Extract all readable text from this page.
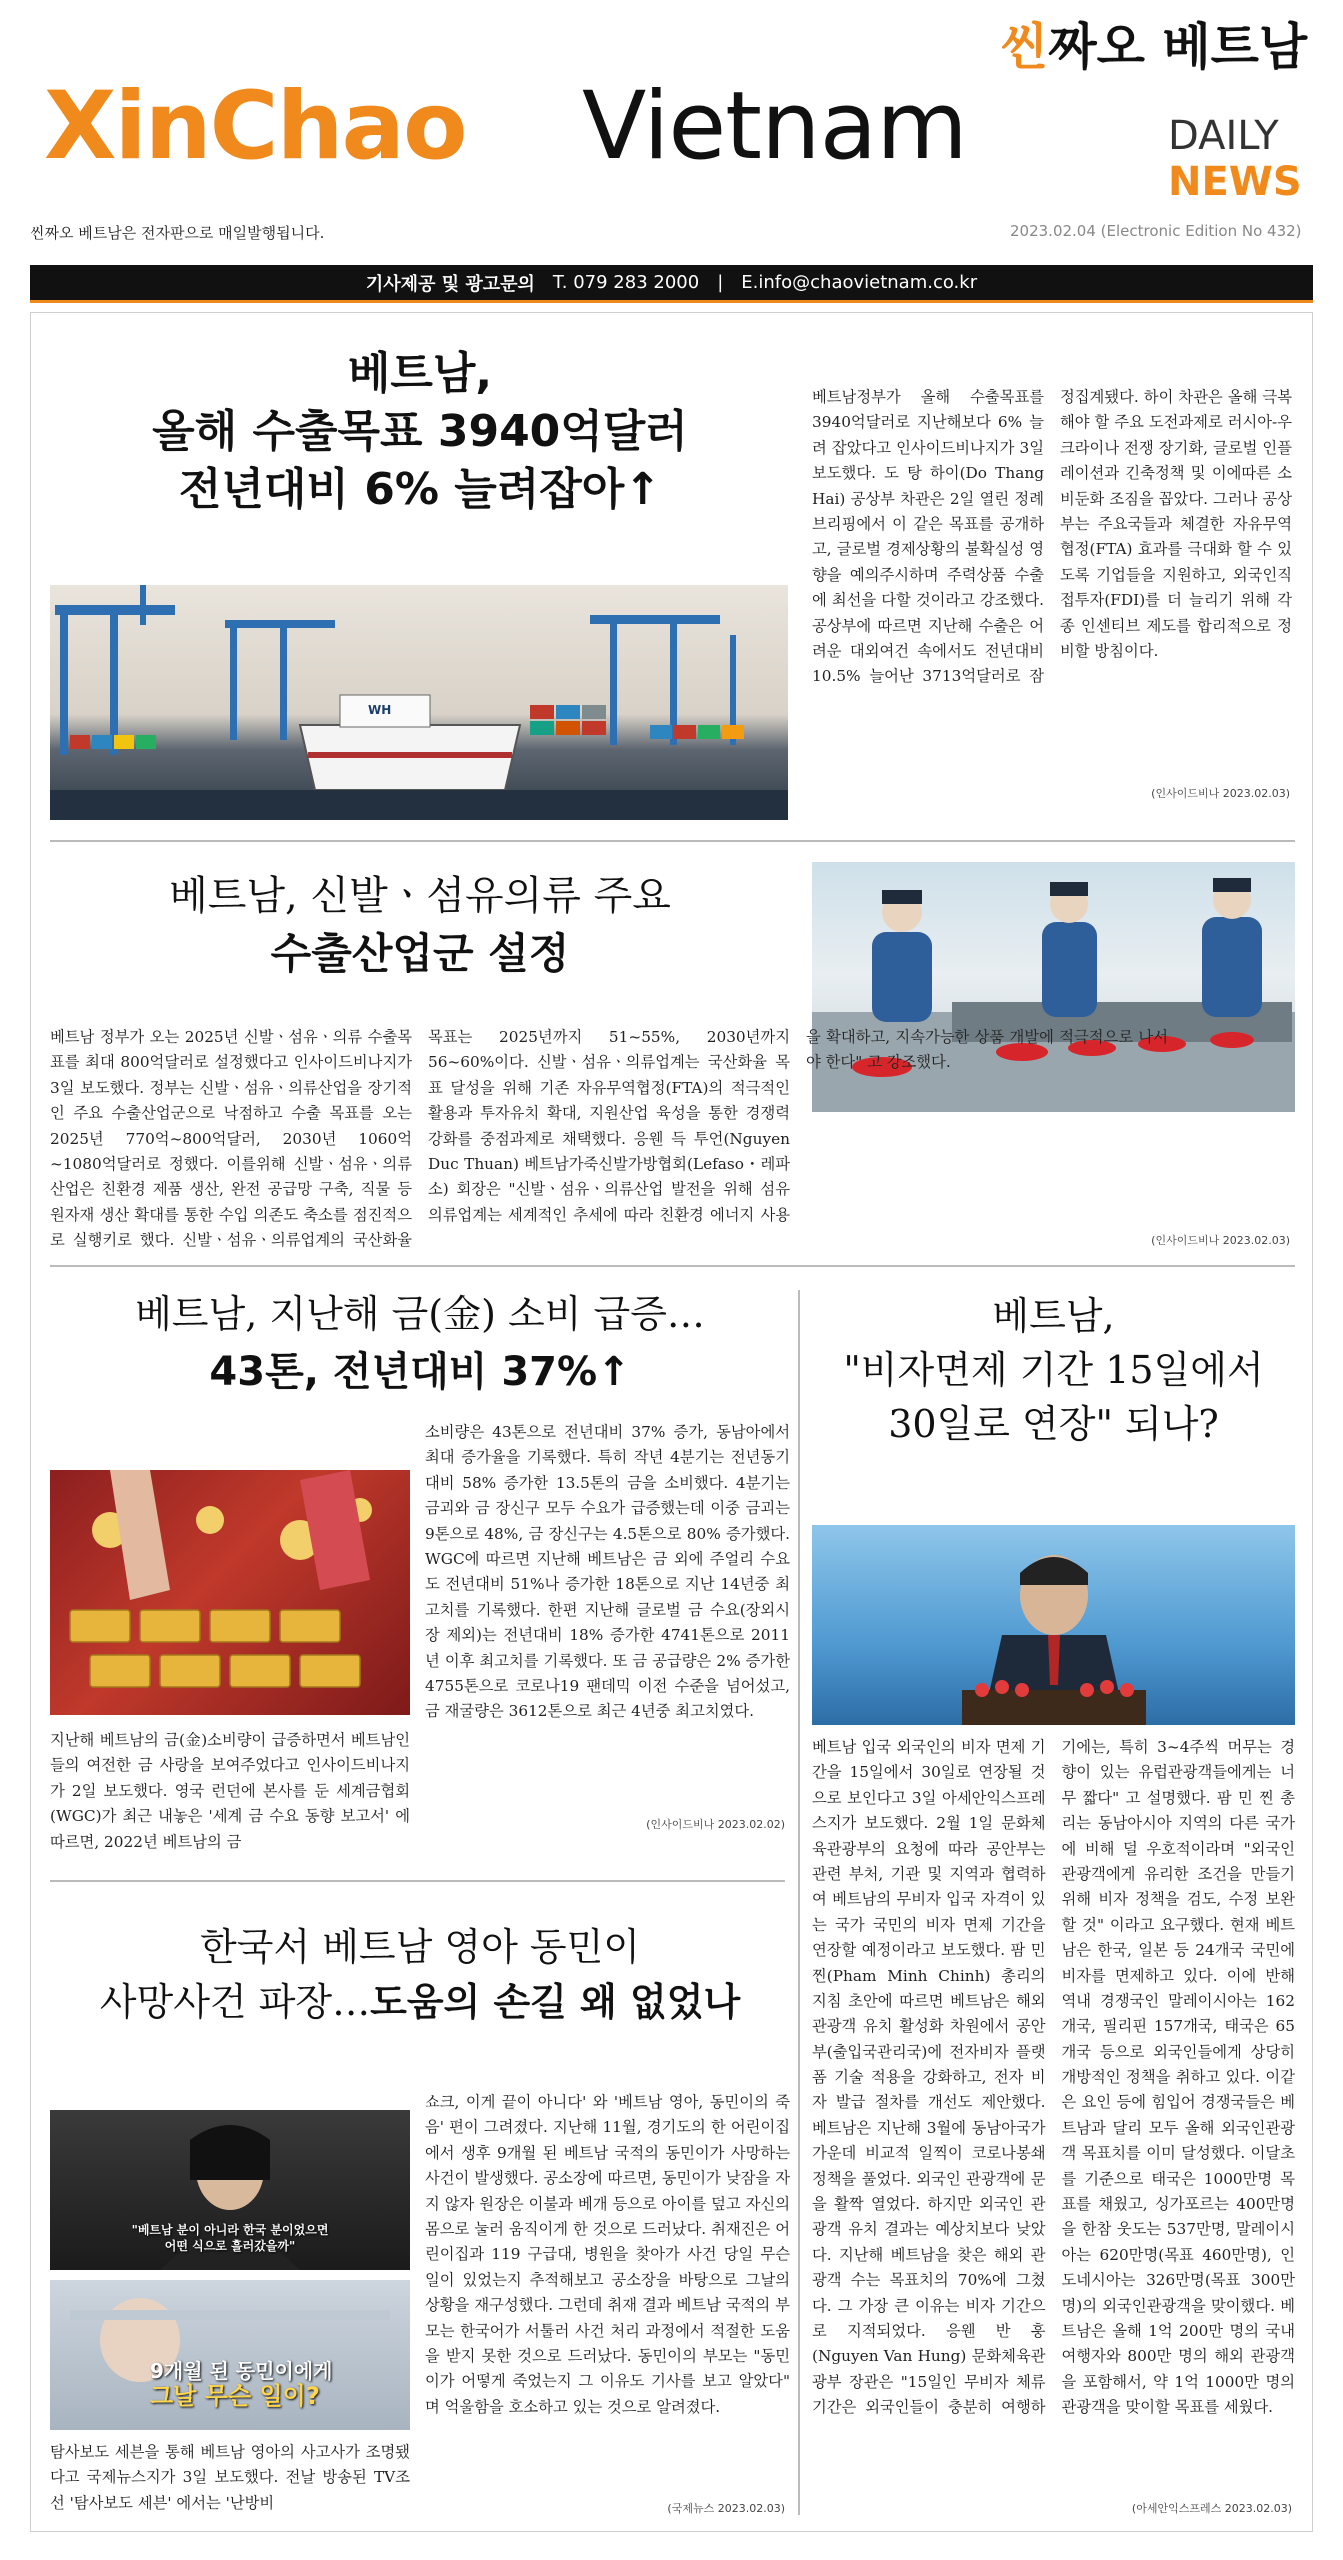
씬짜오 베트남
XinChao Vietnam	DAILY
NEWS
씬짜오 베트남은 전자판으로 매일발행됩니다.	2023.02.04 (Electronic Edition No 432)
기사제공 및 광고문의 T. 079 283 2000 | E.info@chaovietnam.co.kr
베트남,
올해 수출목표 3940억달러
전년대비 6% 늘려잡아↑
WH
베트남정부가 올해 수출목표를 3940억달러로 지난해보다 6% 늘려 잡았다고 인사이드비나지가 3일 보도했다. 도 탕 하이(Do Thang Hai) 공상부 차관은 2일 열린 정례브리핑에서 이 같은 목표를 공개하고, 글로벌 경제상황의 불확실성 영향을 예의주시하며 주력상품 수출에 최선을 다할 것이라고 강조했다. 공상부에 따르면 지난해 수출은 어려운 대외여건 속에서도 전년대비 10.5% 늘어난 3713억달러로 잠정집계됐다. 하이 차관은 올해 극복해야 할 주요 도전과제로 러시아-우크라이나 전쟁 장기화, 글로벌 인플레이션과 긴축정책 및 이에따른 소비둔화 조짐을 꼽았다. 그러나 공상부는 주요국들과 체결한 자유무역협정(FTA) 효과를 극대화 할 수 있도록 기업들을 지원하고, 외국인직접투자(FDI)를 더 늘리기 위해 각종 인센티브 제도를 합리적으로 정비할 방침이다.
(인사이드비나 2023.02.03)
베트남, 신발ㆍ섬유의류 주요
수출산업군 설정
베트남 정부가 오는 2025년 신발ㆍ섬유ㆍ의류 수출목표를 최대 800억달러로 설정했다고 인사이드비나지가 3일 보도했다. 정부는 신발ㆍ섬유ㆍ의류산업을 장기적인 주요 수출산업군으로 낙점하고 수출 목표를 오는 2025년 770억~800억달러, 2030년 1060억~1080억달러로 정했다. 이를위해 신발ㆍ섬유ㆍ의류산업은 친환경 제품 생산, 완전 공급망 구축, 직물 등 원자재 생산 확대를 통한 수입 의존도 축소를 점진적으로 실행키로 했다. 신발ㆍ섬유ㆍ의류업계의 국산화율 목표는 2025년까지 51~55%, 2030년까지 56~60%이다. 신발ㆍ섬유ㆍ의류업계는 국산화율 목표 달성을 위해 기존 자유무역협정(FTA)의 적극적인 활용과 투자유치 확대, 지원산업 육성을 통한 경쟁력 강화를 중점과제로 채택했다. 응웬 득 투언(Nguyen Duc Thuan) 베트남가죽신발가방협회(Lefaso・레파소) 회장은 "신발ㆍ섬유ㆍ의류산업 발전을 위해 섬유의류업계는 세계적인 추세에 따라 친환경 에너지 사용을 확대하고, 지속가능한 상품 개발에 적극적으로 나서야 한다" 고 강조했다.
(인사이드비나 2023.02.03)
베트남, 지난해 금(金) 소비 급증…
43톤, 전년대비 37%↑
지난해 베트남의 금(金)소비량이 급증하면서 베트남인들의 여전한 금 사랑을 보여주었다고 인사이드비나지가 2일 보도했다. 영국 런던에 본사를 둔 세계금협회(WGC)가 최근 내놓은 '세계 금 수요 동향 보고서' 에 따르면, 2022년 베트남의 금
소비량은 43톤으로 전년대비 37% 증가, 동남아에서 최대 증가율을 기록했다. 특히 작년 4분기는 전년동기대비 58% 증가한 13.5톤의 금을 소비했다. 4분기는 금괴와 금 장신구 모두 수요가 급증했는데 이중 금괴는 9톤으로 48%, 금 장신구는 4.5톤으로 80% 증가했다. WGC에 따르면 지난해 베트남은 금 외에 주얼리 수요도 전년대비 51%나 증가한 18톤으로 지난 14년중 최고치를 기록했다. 한편 지난해 글로벌 금 수요(장외시장 제외)는 전년대비 18% 증가한 4741톤으로 2011년 이후 최고치를 기록했다. 또 금 공급량은 2% 증가한 4755톤으로 코로나19 팬데믹 이전 수준을 넘어섰고, 금 재굴량은 3612톤으로 최근 4년중 최고치였다.
(인사이드비나 2023.02.02)
한국서 베트남 영아 동민이
사망사건 파장…도움의 손길 왜 없었나
"베트남 분이 아니라 한국 분이었으면
어떤 식으로 흘러갔을까"
9개월 된 동민이에게
그날 무슨 일이?
탐사보도 세븐을 통해 베트남 영아의 사고사가 조명됐다고 국제뉴스지가 3일 보도했다. 전날 방송된 TV조선 '탐사보도 세븐' 에서는 '난방비
쇼크, 이게 끝이 아니다' 와 '베트남 영아, 동민이의 죽음' 편이 그려졌다. 지난해 11월, 경기도의 한 어린이집에서 생후 9개월 된 베트남 국적의 동민이가 사망하는 사건이 발생했다. 공소장에 따르면, 동민이가 낮잠을 자지 않자 원장은 이불과 베개 등으로 아이를 덮고 자신의 몸으로 눌러 움직이게 한 것으로 드러났다. 취재진은 어린이집과 119 구급대, 병원을 찾아가 사건 당일 무슨 일이 있었는지 추적해보고 공소장을 바탕으로 그날의 상황을 재구성했다. 그런데 취재 결과 베트남 국적의 부모는 한국어가 서툴러 사건 처리 과정에서 적절한 도움을 받지 못한 것으로 드러났다. 동민이의 부모는 "동민이가 어떻게 죽었는지 그 이유도 기사를 보고 알았다" 며 억울함을 호소하고 있는 것으로 알려졌다.
(국제뉴스 2023.02.03)
베트남,
"비자면제 기간 15일에서
30일로 연장" 되나?
베트남 입국 외국인의 비자 면제 기간을 15일에서 30일로 연장될 것으로 보인다고 3일 아세안익스프레스지가 보도했다. 2월 1일 문화체육관광부의 요청에 따라 공안부는 관련 부처, 기관 및 지역과 협력하여 베트남의 무비자 입국 자격이 있는 국가 국민의 비자 면제 기간을 연장할 예정이라고 보도했다. 팜 민 찐(Pham Minh Chinh) 총리의 지침 초안에 따르면 베트남은 해외 관광객 유치 활성화 차원에서 공안부(출입국관리국)에 전자비자 플랫폼 기술 적용을 강화하고, 전자 비자 발급 절차를 개선도 제안했다. 베트남은 지난해 3월에 동남아국가 가운데 비교적 일찍이 코로나봉쇄 정책을 풀었다. 외국인 관광객에 문을 활짝 열었다. 하지만 외국인 관광객 유치 결과는 예상치보다 낮았다. 지난해 베트남을 찾은 해외 관광객 수는 목표치의 70%에 그쳤다. 그 가장 큰 이유는 비자 기간으로 지적되었다. 응웬 반 훙(Nguyen Van Hung) 문화체육관광부 장관은 "15일인 무비자 체류기간은 외국인들이 충분히 여행하기에는, 특히 3~4주씩 머무는 경향이 있는 유럽관광객들에게는 너무 짧다" 고 설명했다. 팜 민 찐 총리는 동남아시아 지역의 다른 국가에 비해 덜 우호적이라며 "외국인 관광객에게 유리한 조건을 만들기위해 비자 정책을 검도, 수정 보완할 것" 이라고 요구했다. 현재 베트남은 한국, 일본 등 24개국 국민에 비자를 면제하고 있다. 이에 반해 역내 경쟁국인 말레이시아는 162개국, 필리핀 157개국, 태국은 65개국 등으로 외국인들에게 상당히 개방적인 정책을 취하고 있다. 이같은 요인 등에 힘입어 경쟁국들은 베트남과 달리 모두 올해 외국인관광객 목표치를 이미 달성했다. 이달초를 기준으로 태국은 1000만명 목표를 채웠고, 싱가포르는 400만명을 한참 웃도는 537만명, 말레이시아는 620만명(목표 460만명), 인도네시아는 326만명(목표 300만명)의 외국인관광객을 맞이했다. 베트남은 올해 1억 200만 명의 국내 여행자와 800만 명의 해외 관광객을 포함해서, 약 1억 1000만 명의 관광객을 맞이할 목표를 세웠다.
(아세안익스프레스 2023.02.03)
